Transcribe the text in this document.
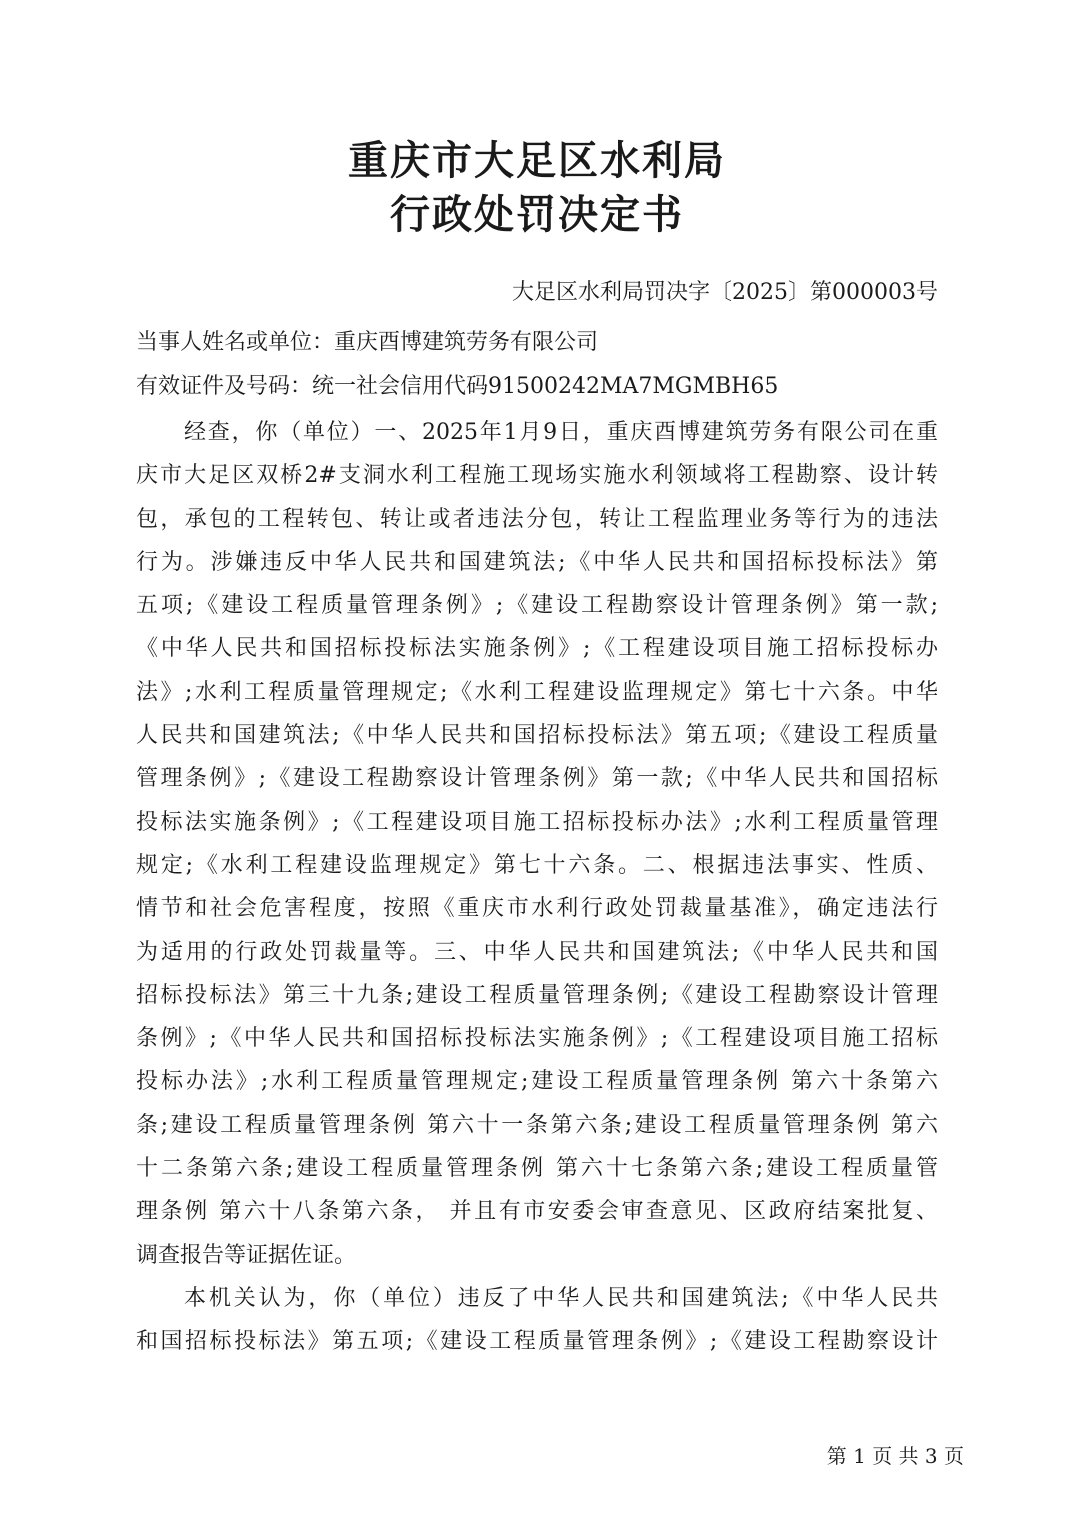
重庆市大足区水利局
行政处罚决定书
大足区水利局罚决字〔2025〕第000003号
当事人姓名或单位：重庆酉博建筑劳务有限公司
有效证件及号码：统一社会信用代码91500242MA7MGMBH65
经查，你（单位）一、2025年1月9日，重庆酉博建筑劳务有限公司在重
庆市大足区双桥2#支洞水利工程施工现场实施水利领域将工程勘察、设计转
包，承包的工程转包、转让或者违法分包，转让工程监理业务等行为的违法
行为。涉嫌违反中华人民共和国建筑法;《中华人民共和国招标投标法》第
五项;《建设工程质量管理条例》;《建设工程勘察设计管理条例》第一款;
《中华人民共和国招标投标法实施条例》;《工程建设项目施工招标投标办
法》;水利工程质量管理规定;《水利工程建设监理规定》第七十六条。中华
人民共和国建筑法;《中华人民共和国招标投标法》第五项;《建设工程质量
管理条例》;《建设工程勘察设计管理条例》第一款;《中华人民共和国招标
投标法实施条例》;《工程建设项目施工招标投标办法》;水利工程质量管理
规定;《水利工程建设监理规定》第七十六条。二、根据违法事实、性质、
情节和社会危害程度，按照《重庆市水利行政处罚裁量基准》，确定违法行
为适用的行政处罚裁量等。三、中华人民共和国建筑法;《中华人民共和国
招标投标法》第三十九条;建设工程质量管理条例;《建设工程勘察设计管理
条例》;《中华人民共和国招标投标法实施条例》;《工程建设项目施工招标
投标办法》;水利工程质量管理规定;建设工程质量管理条例 第六十条第六
条;建设工程质量管理条例 第六十一条第六条;建设工程质量管理条例 第六
十二条第六条;建设工程质量管理条例 第六十七条第六条;建设工程质量管
理条例 第六十八条第六条， 并且有市安委会审查意见、区政府结案批复、
调查报告等证据佐证。
本机关认为，你（单位）违反了中华人民共和国建筑法;《中华人民共
和国招标投标法》第五项;《建设工程质量管理条例》;《建设工程勘察设计
第 1 页 共 3 页
